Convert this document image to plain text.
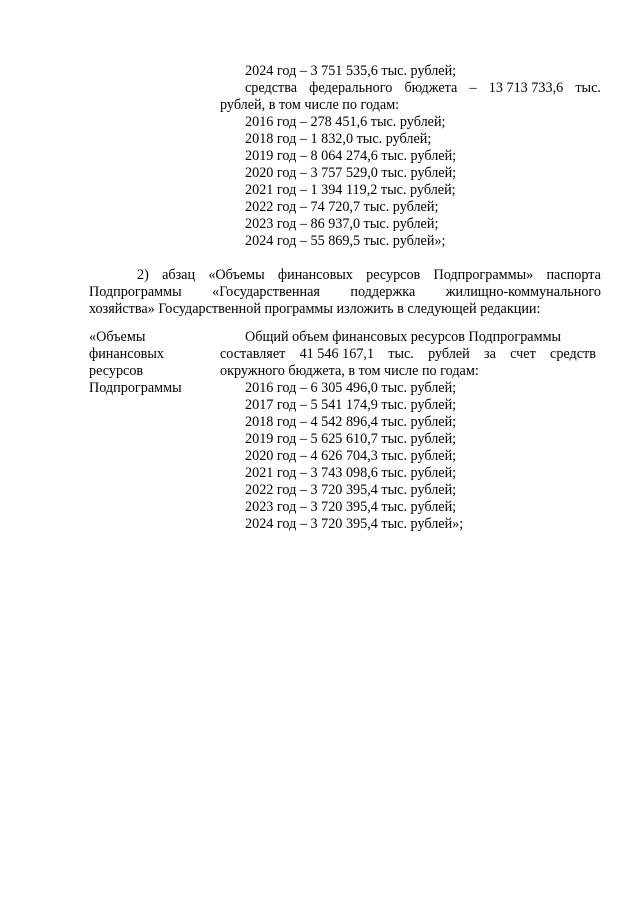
2024 год – 3 751 535,6 тыс. рублей;
средства федерального бюджета – 13 713 733,6 тыс.
рублей, в том числе по годам:
2016 год – 278 451,6 тыс. рублей;
2018 год – 1 832,0 тыс. рублей;
2019 год – 8 064 274,6 тыс. рублей;
2020 год – 3 757 529,0 тыс. рублей;
2021 год – 1 394 119,2 тыс. рублей;
2022 год – 74 720,7 тыс. рублей;
2023 год – 86 937,0 тыс. рублей;
2024 год – 55 869,5 тыс. рублей»;
2) абзац «Объемы финансовых ресурсов Подпрограммы» паспорта
Подпрограммы «Государственная поддержка жилищно-коммунального
хозяйства» Государственной программы изложить в следующей редакции:
«Объемы
финансовых
ресурсов
Подпрограммы
Общий объем финансовых ресурсов Подпрограммы
составляет 41 546 167,1 тыс. рублей за счет средств
окружного бюджета, в том числе по годам:
2016 год – 6 305 496,0 тыс. рублей;
2017 год – 5 541 174,9 тыс. рублей;
2018 год – 4 542 896,4 тыс. рублей;
2019 год – 5 625 610,7 тыс. рублей;
2020 год – 4 626 704,3 тыс. рублей;
2021 год – 3 743 098,6 тыс. рублей;
2022 год – 3 720 395,4 тыс. рублей;
2023 год – 3 720 395,4 тыс. рублей;
2024 год – 3 720 395,4 тыс. рублей»;
